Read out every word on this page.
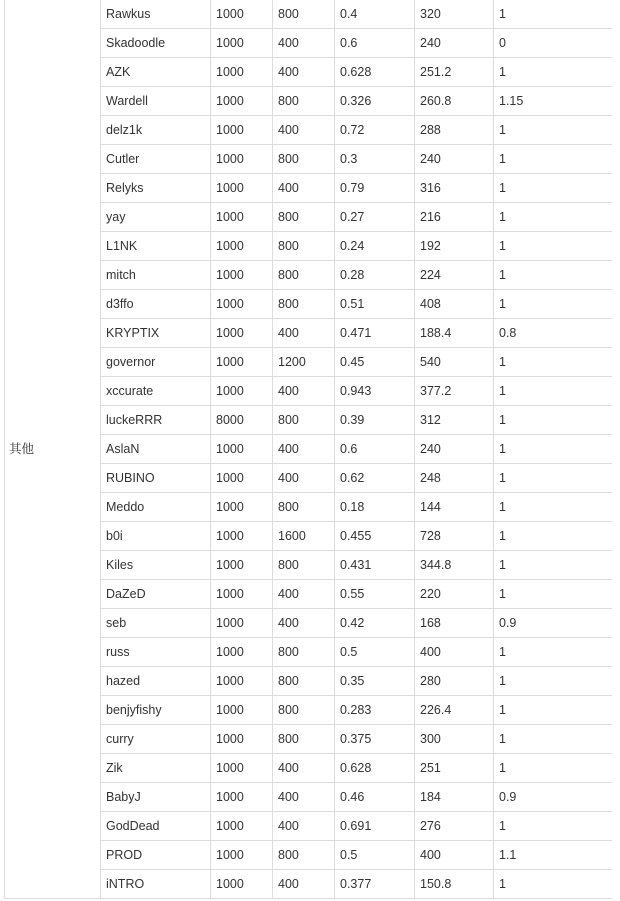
其他	Rawkus	1000	800	0.4	320	1	
	Skadoodle	1000	400	0.6	240	0	
	AZK	1000	400	0.628	251.2	1	
	Wardell	1000	800	0.326	260.8	1.15	
	delz1k	1000	400	0.72	288	1	
	Cutler	1000	800	0.3	240	1	
	Relyks	1000	400	0.79	316	1	
	yay	1000	800	0.27	216	1	
	L1NK	1000	800	0.24	192	1	
	mitch	1000	800	0.28	224	1	
	d3ffo	1000	800	0.51	408	1	
	KRYPTIX	1000	400	0.471	188.4	0.8	
	governor	1000	1200	0.45	540	1	
	xccurate	1000	400	0.943	377.2	1	
	luckeRRR	8000	800	0.39	312	1	
	AslaN	1000	400	0.6	240	1	
	RUBINO	1000	400	0.62	248	1	
	Meddo	1000	800	0.18	144	1	
	b0i	1000	1600	0.455	728	1	
	Kiles	1000	800	0.431	344.8	1	
	DaZeD	1000	400	0.55	220	1	
	seb	1000	400	0.42	168	0.9	
	russ	1000	800	0.5	400	1	
	hazed	1000	800	0.35	280	1	
	benjyfishy	1000	800	0.283	226.4	1	
	curry	1000	800	0.375	300	1	
	Zik	1000	400	0.628	251	1	
	BabyJ	1000	400	0.46	184	0.9	
	GodDead	1000	400	0.691	276	1	
	PROD	1000	800	0.5	400	1.1	
	iNTRO	1000	400	0.377	150.8	1	
